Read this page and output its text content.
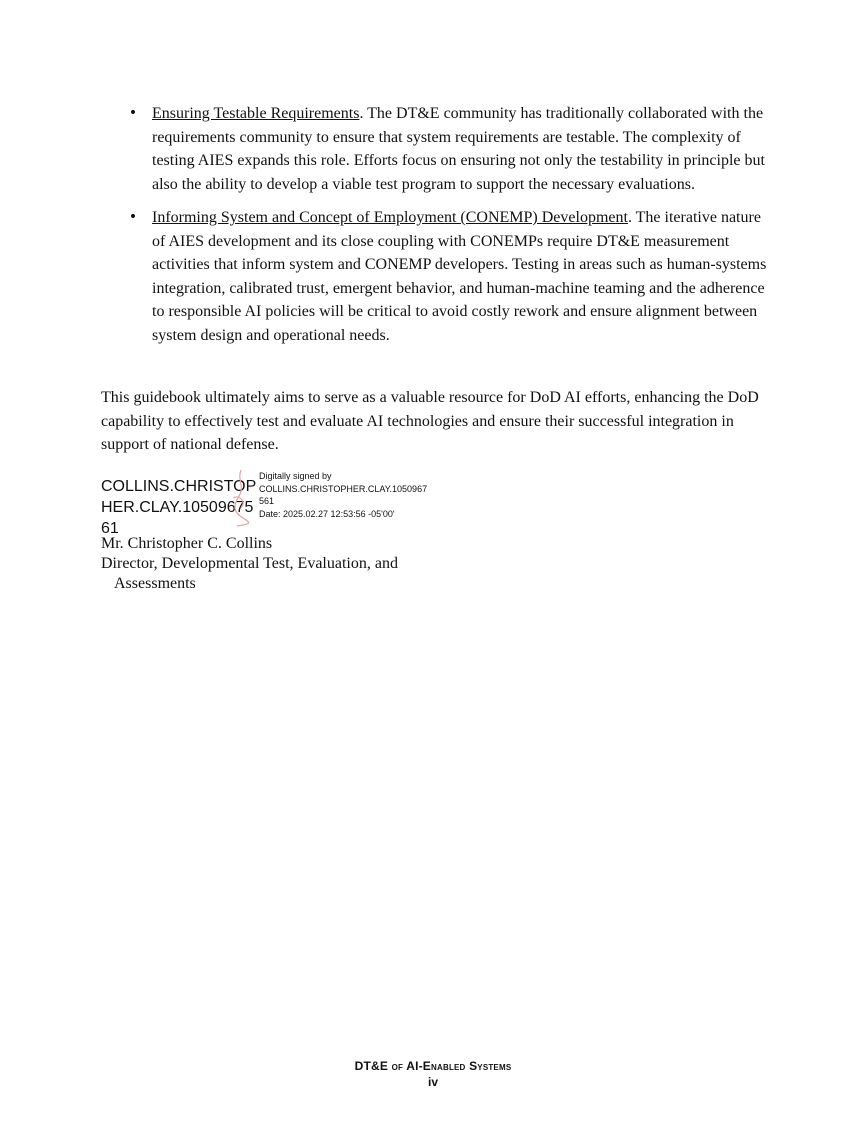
• Ensuring Testable Requirements. The DT&E community has traditionally collaborated with the requirements community to ensure that system requirements are testable. The complexity of testing AIES expands this role. Efforts focus on ensuring not only the testability in principle but also the ability to develop a viable test program to support the necessary evaluations.
• Informing System and Concept of Employment (CONEMP) Development. The iterative nature of AIES development and its close coupling with CONEMPs require DT&E measurement activities that inform system and CONEMP developers. Testing in areas such as human-systems integration, calibrated trust, emergent behavior, and human-machine teaming and the adherence to responsible AI policies will be critical to avoid costly rework and ensure alignment between system design and operational needs.

This guidebook ultimately aims to serve as a valuable resource for DoD AI efforts, enhancing the DoD capability to effectively test and evaluate AI technologies and ensure their successful integration in support of national defense.

COLLINS.CHRISTOPHER.CLAY.1050967561
Digitally signed by
COLLINS.CHRISTOPHER.CLAY.1050967561
Date: 2025.02.27 12:53:56 -05'00'
Mr. Christopher C. Collins
Director, Developmental Test, Evaluation, and
Assessments
DT&E of AI-Enabled Systems
iv
